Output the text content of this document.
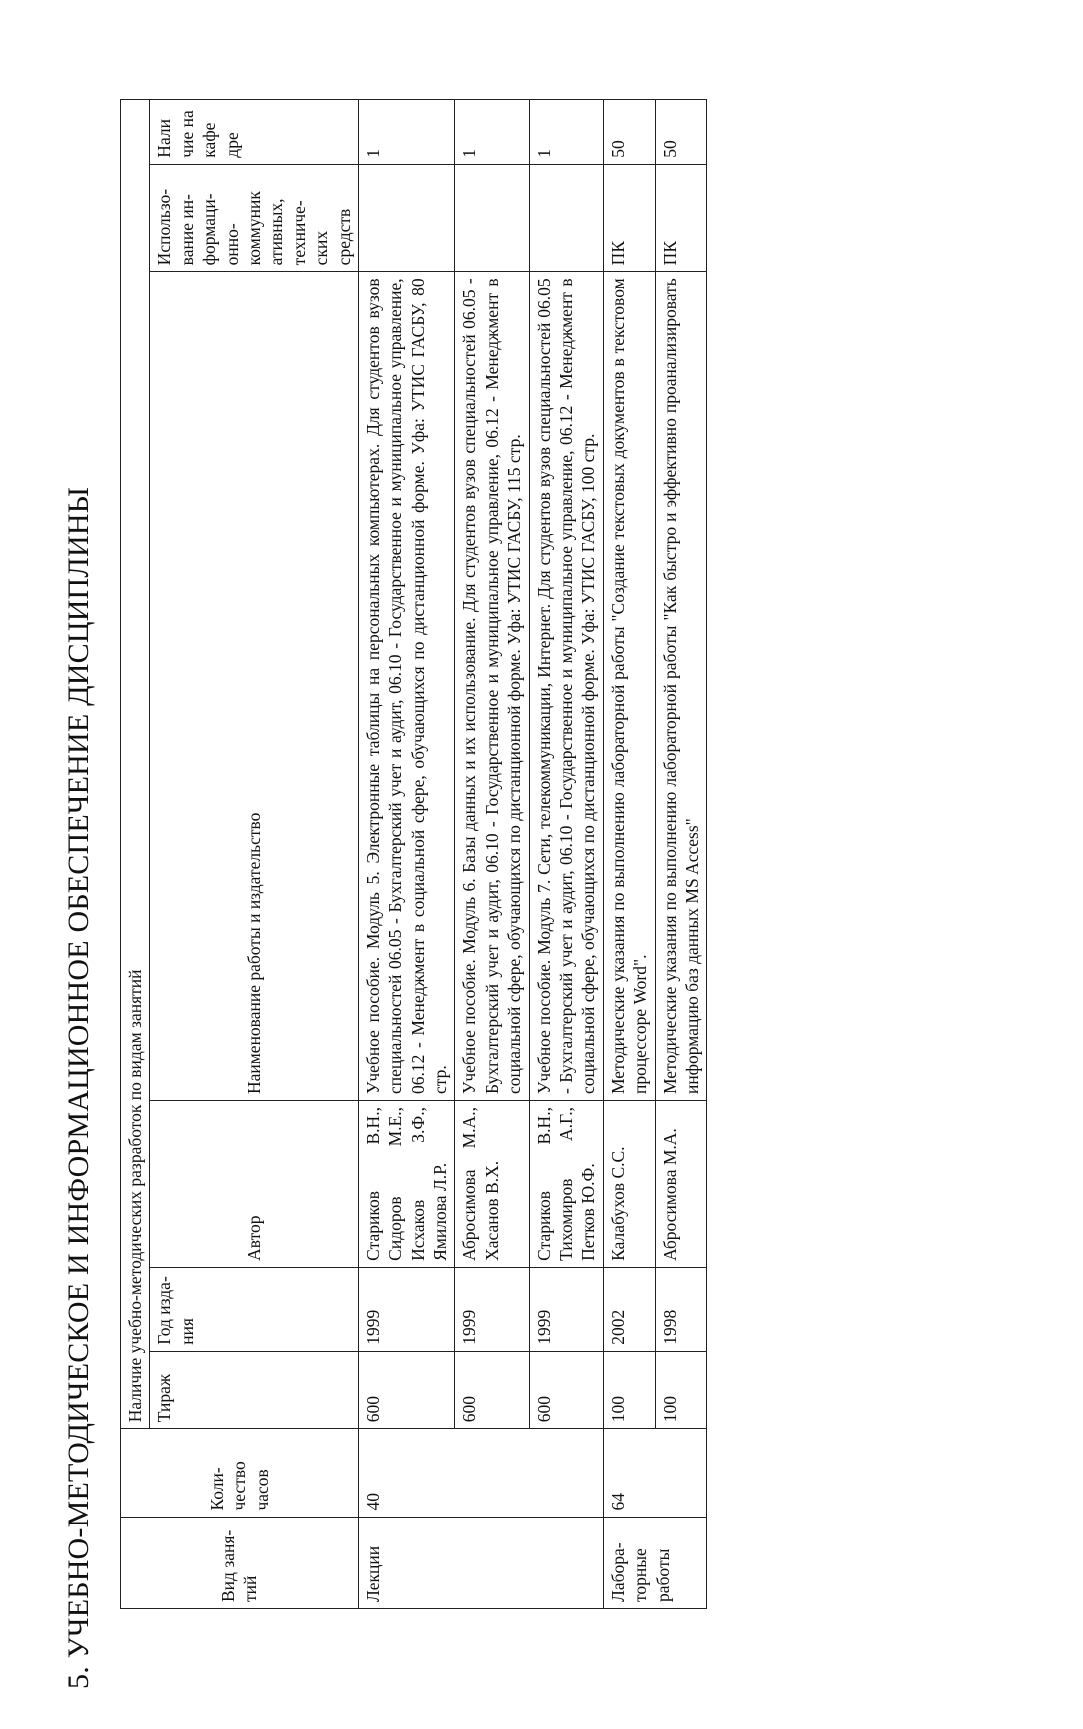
5. УЧЕБНО-МЕТОДИЧЕСКОЕ И ИНФОРМАЦИОННОЕ ОБЕСПЕЧЕНИЕ ДИСЦИПЛИНЫ	Вид заня-тий	Коли-чество часов	Наличие учебно-методических разработок по видам занятий					
		Тираж	Год изда-ния	Автор	Наименование работы и издательство	Использо-вание ин-формаци-онно-коммуник ативных, техниче-ских средств	Нали чие на кафе дре
Лекции	40	600	1999	Стариков В.Н., Сидоров М.Е., Исхаков З.Ф., Ямилова Л.Р.	Учебное пособие. Модуль 5. Электронные таблицы на персональных компьютерах. Для студентов вузов специальностей 06.05 - Бухгалтерский учет и аудит, 06.10 - Государственное и муниципальное управление, 06.12 - Менеджмент в социальной сфере, обучающихся по дистанционной форме. Уфа: УТИС ГАСБУ, 80 стр.		1
		600	1999	Абросимова М.А., Хасанов В.Х.	Учебное пособие. Модуль 6. Базы данных и их использование. Для студентов вузов специальностей 06.05 - Бухгалтерский учет и аудит, 06.10 - Государственное и муниципальное управление, 06.12 - Менеджмент в социальной сфере, обучающихся по дистанционной форме. Уфа: УТИС ГАСБУ, 115 стр.		1
		600	1999	Стариков В.Н., Тихомиров А.Г., Петков Ю.Ф.	Учебное пособие. Модуль 7. Сети, телекоммуникации, Интернет. Для студентов вузов специальностей 06.05 - Бухгалтерский учет и аудит, 06.10 - Государственное и муниципальное управление, 06.12 - Менеджмент в социальной сфере, обучающихся по дистанционной форме. Уфа: УТИС ГАСБУ, 100 стр.		1
Лабора-торные работы	64	100	2002	Калабухов С.С.	Методические указания по выполнению лабораторной работы "Создание текстовых документов в текстовом процессоре Word".	ПК	50
		100	1998	Абросимова М.А.	Методические указания по выполнению лабораторной работы "Как быстро и эффективно проанализировать информацию баз данных MS Access"	ПК	50
